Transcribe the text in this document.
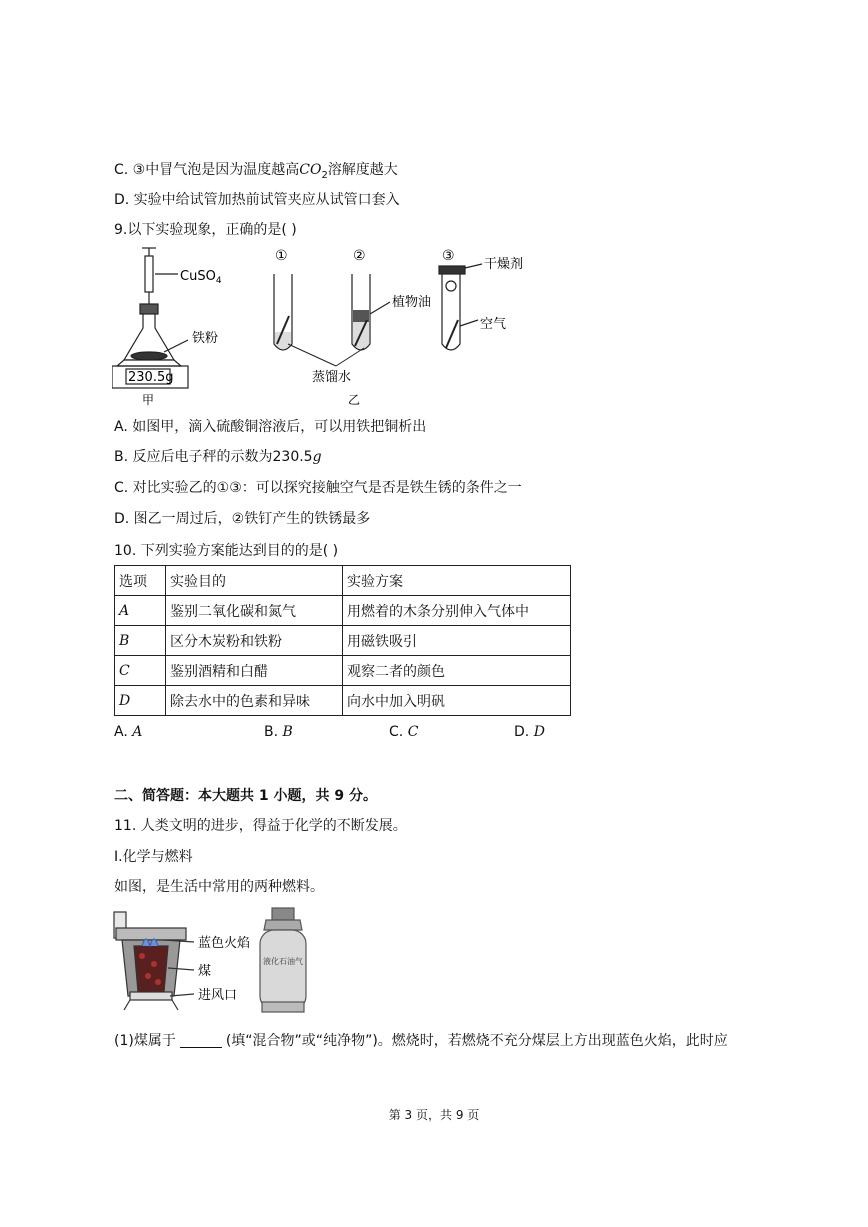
C. ③中冒气泡是因为温度越高$CO_2$溶解度越大
D. 实验中给试管加热前试管夹应从试管口套入
9.以下实验现象，正确的是( )
CuSO$_4$
铁粉
230.5g
甲
①	②	③
植物油
干燥剂
空气
蒸馏水
乙
A. 如图甲，滴入硫酸铜溶液后，可以用铁把铜析出
B. 反应后电子秤的示数为230.5g
C. 对比实验乙的①③：可以探究接触空气是否是铁生锈的条件之一
D. 图乙一周过后，②铁钉产生的铁锈最多
10. 下列实验方案能达到目的的是( )
选项	实验目的	实验方案
A	鉴别二氧化碳和氮气	用燃着的木条分别伸入气体中
B	区分木炭粉和铁粉	用磁铁吸引
C	鉴别酒精和白醋	观察二者的颜色
D	除去水中的色素和异味	向水中加入明矾
A. A	B. B	C. C	D. D
二、简答题：本大题共 1 小题，共 9 分。
11. 人类文明的进步，得益于化学的不断发展。
Ⅰ.化学与燃料
如图，是生活中常用的两种燃料。
蓝色火焰
煤
进风口
液化石油气
(1)煤属于	(填“混合物”或“纯净物”)。燃烧时，若燃烧不充分煤层上方出现蓝色火焰，此时应
第 3 页，共 9 页
